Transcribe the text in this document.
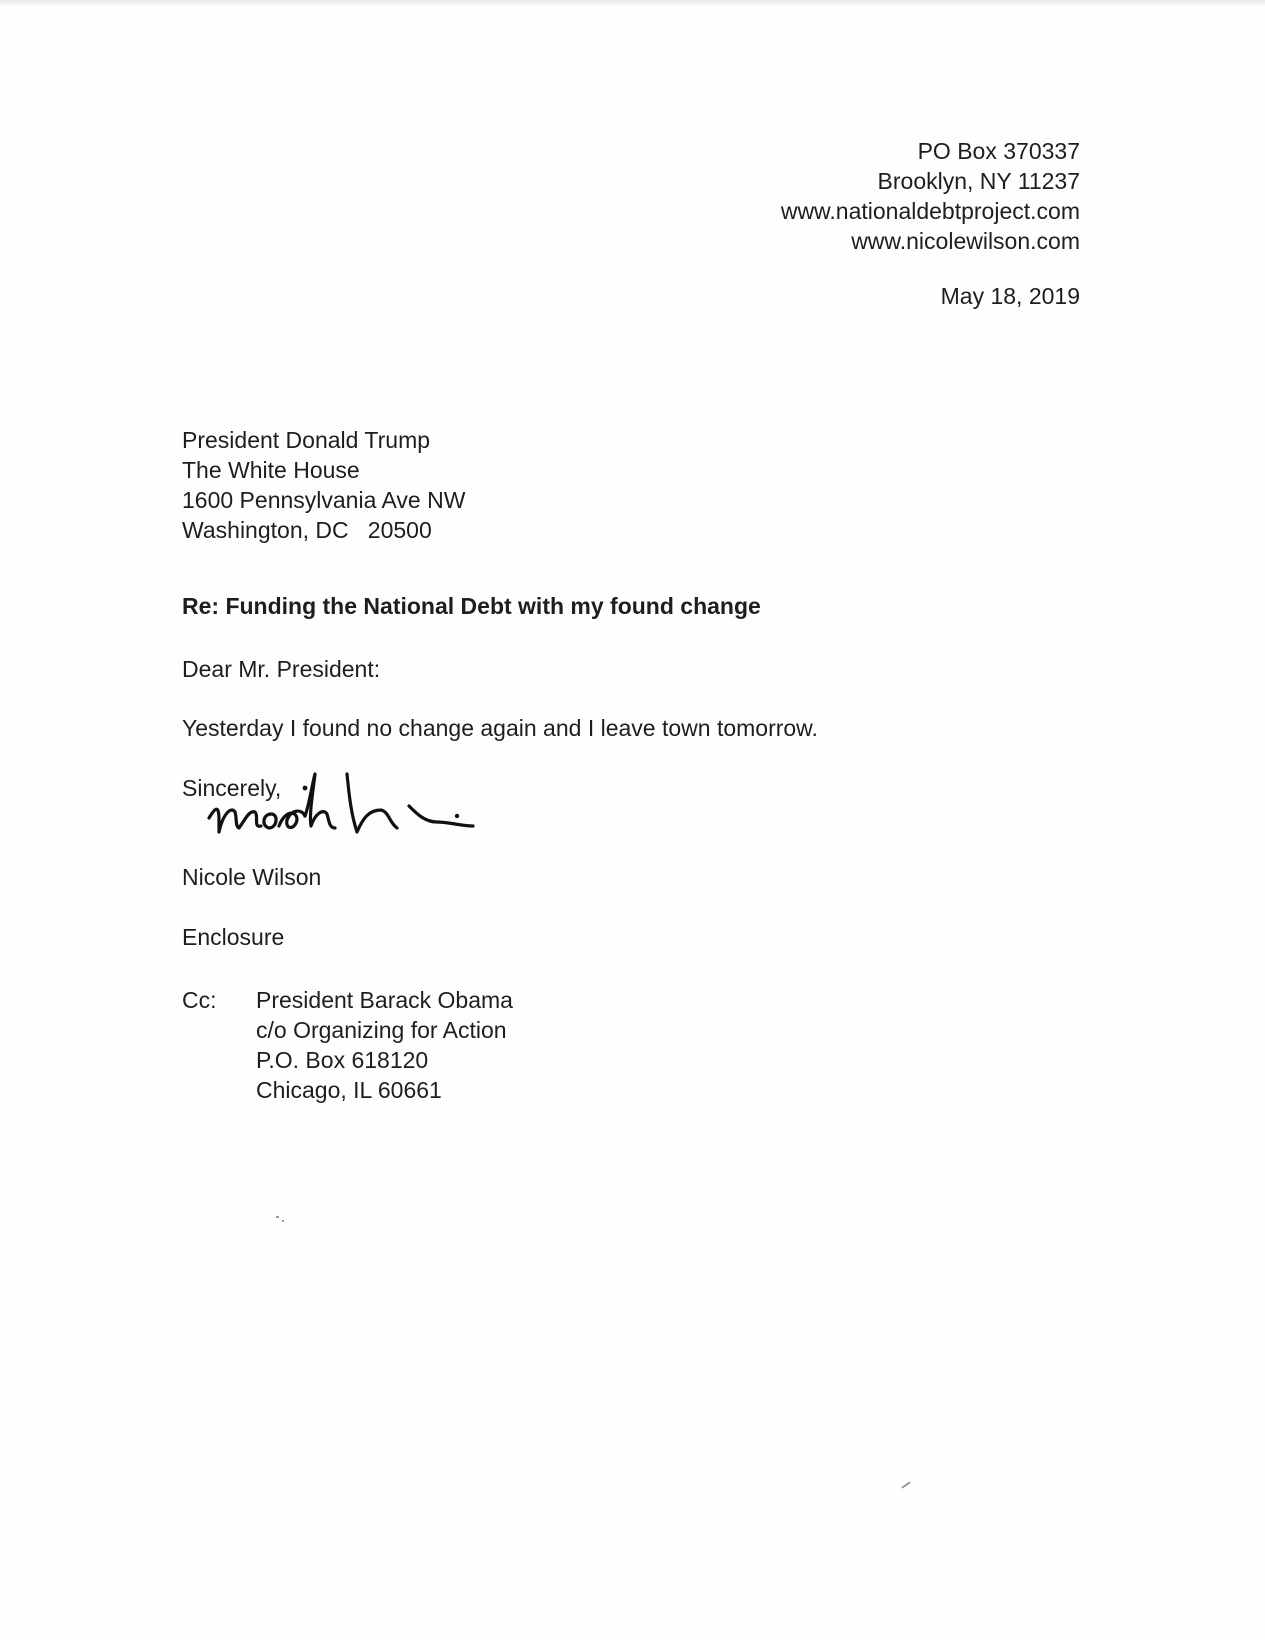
PO Box 370337
Brooklyn, NY 11237
www.nationaldebtproject.com
www.nicolewilson.com
May 18, 2019
President Donald Trump
The White House
1600 Pennsylvania Ave NW
Washington, DC   20500
Re: Funding the National Debt with my found change
Dear Mr. President:
Yesterday I found no change again and I leave town tomorrow.
Sincerely,
Nicole Wilson
Enclosure
Cc: President Barack Obama
c/o Organizing for Action
P.O. Box 618120
Chicago, IL 60661
